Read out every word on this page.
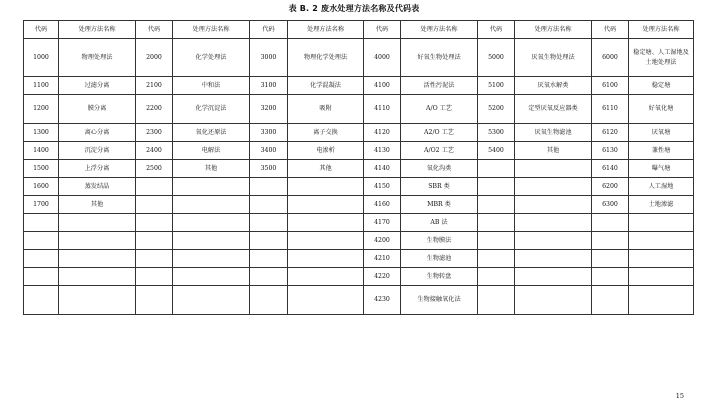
表 B. 2 废水处理方法名称及代码表
代码	处理方法名称	代码	处理方法名称	代码	处理方法名称	代码	处理方法名称	代码	处理方法名称	代码	处理方法名称
1000	物理处理法	2000	化学处理法	3000	物理化学处理法	4000	好氧生物处理法	5000	厌氧生物处理法	6000	稳定塘、人工湿地及土地处理法
1100	过滤分离	2100	中和法	3100	化学混凝法	4100	活性污泥法	5100	厌氧水解类	6100	稳定塘
1200	膜分离	2200	化学沉淀法	3200	吸附	4110	A/O 工艺	5200	定型厌氧反应器类	6110	好氧化塘
1300	离心分离	2300	氧化还原法	3300	离子交换	4120	A2/O 工艺	5300	厌氧生物滤池	6120	厌氧塘
1400	沉淀分离	2400	电解法	3400	电渗析	4130	A/O2 工艺	5400	其他	6130	兼性塘
1500	上浮分离	2500	其他	3500	其他	4140	氧化沟类			6140	曝气塘
1600	蒸发结晶					4150	SBR 类			6200	人工湿地
1700	其他					4160	MBR 类			6300	土地渗滤
						4170	AB 法				
						4200	生物膜法				
						4210	生物滤池				
						4220	生物转盘				
						4230	生物接触氧化法				
15
